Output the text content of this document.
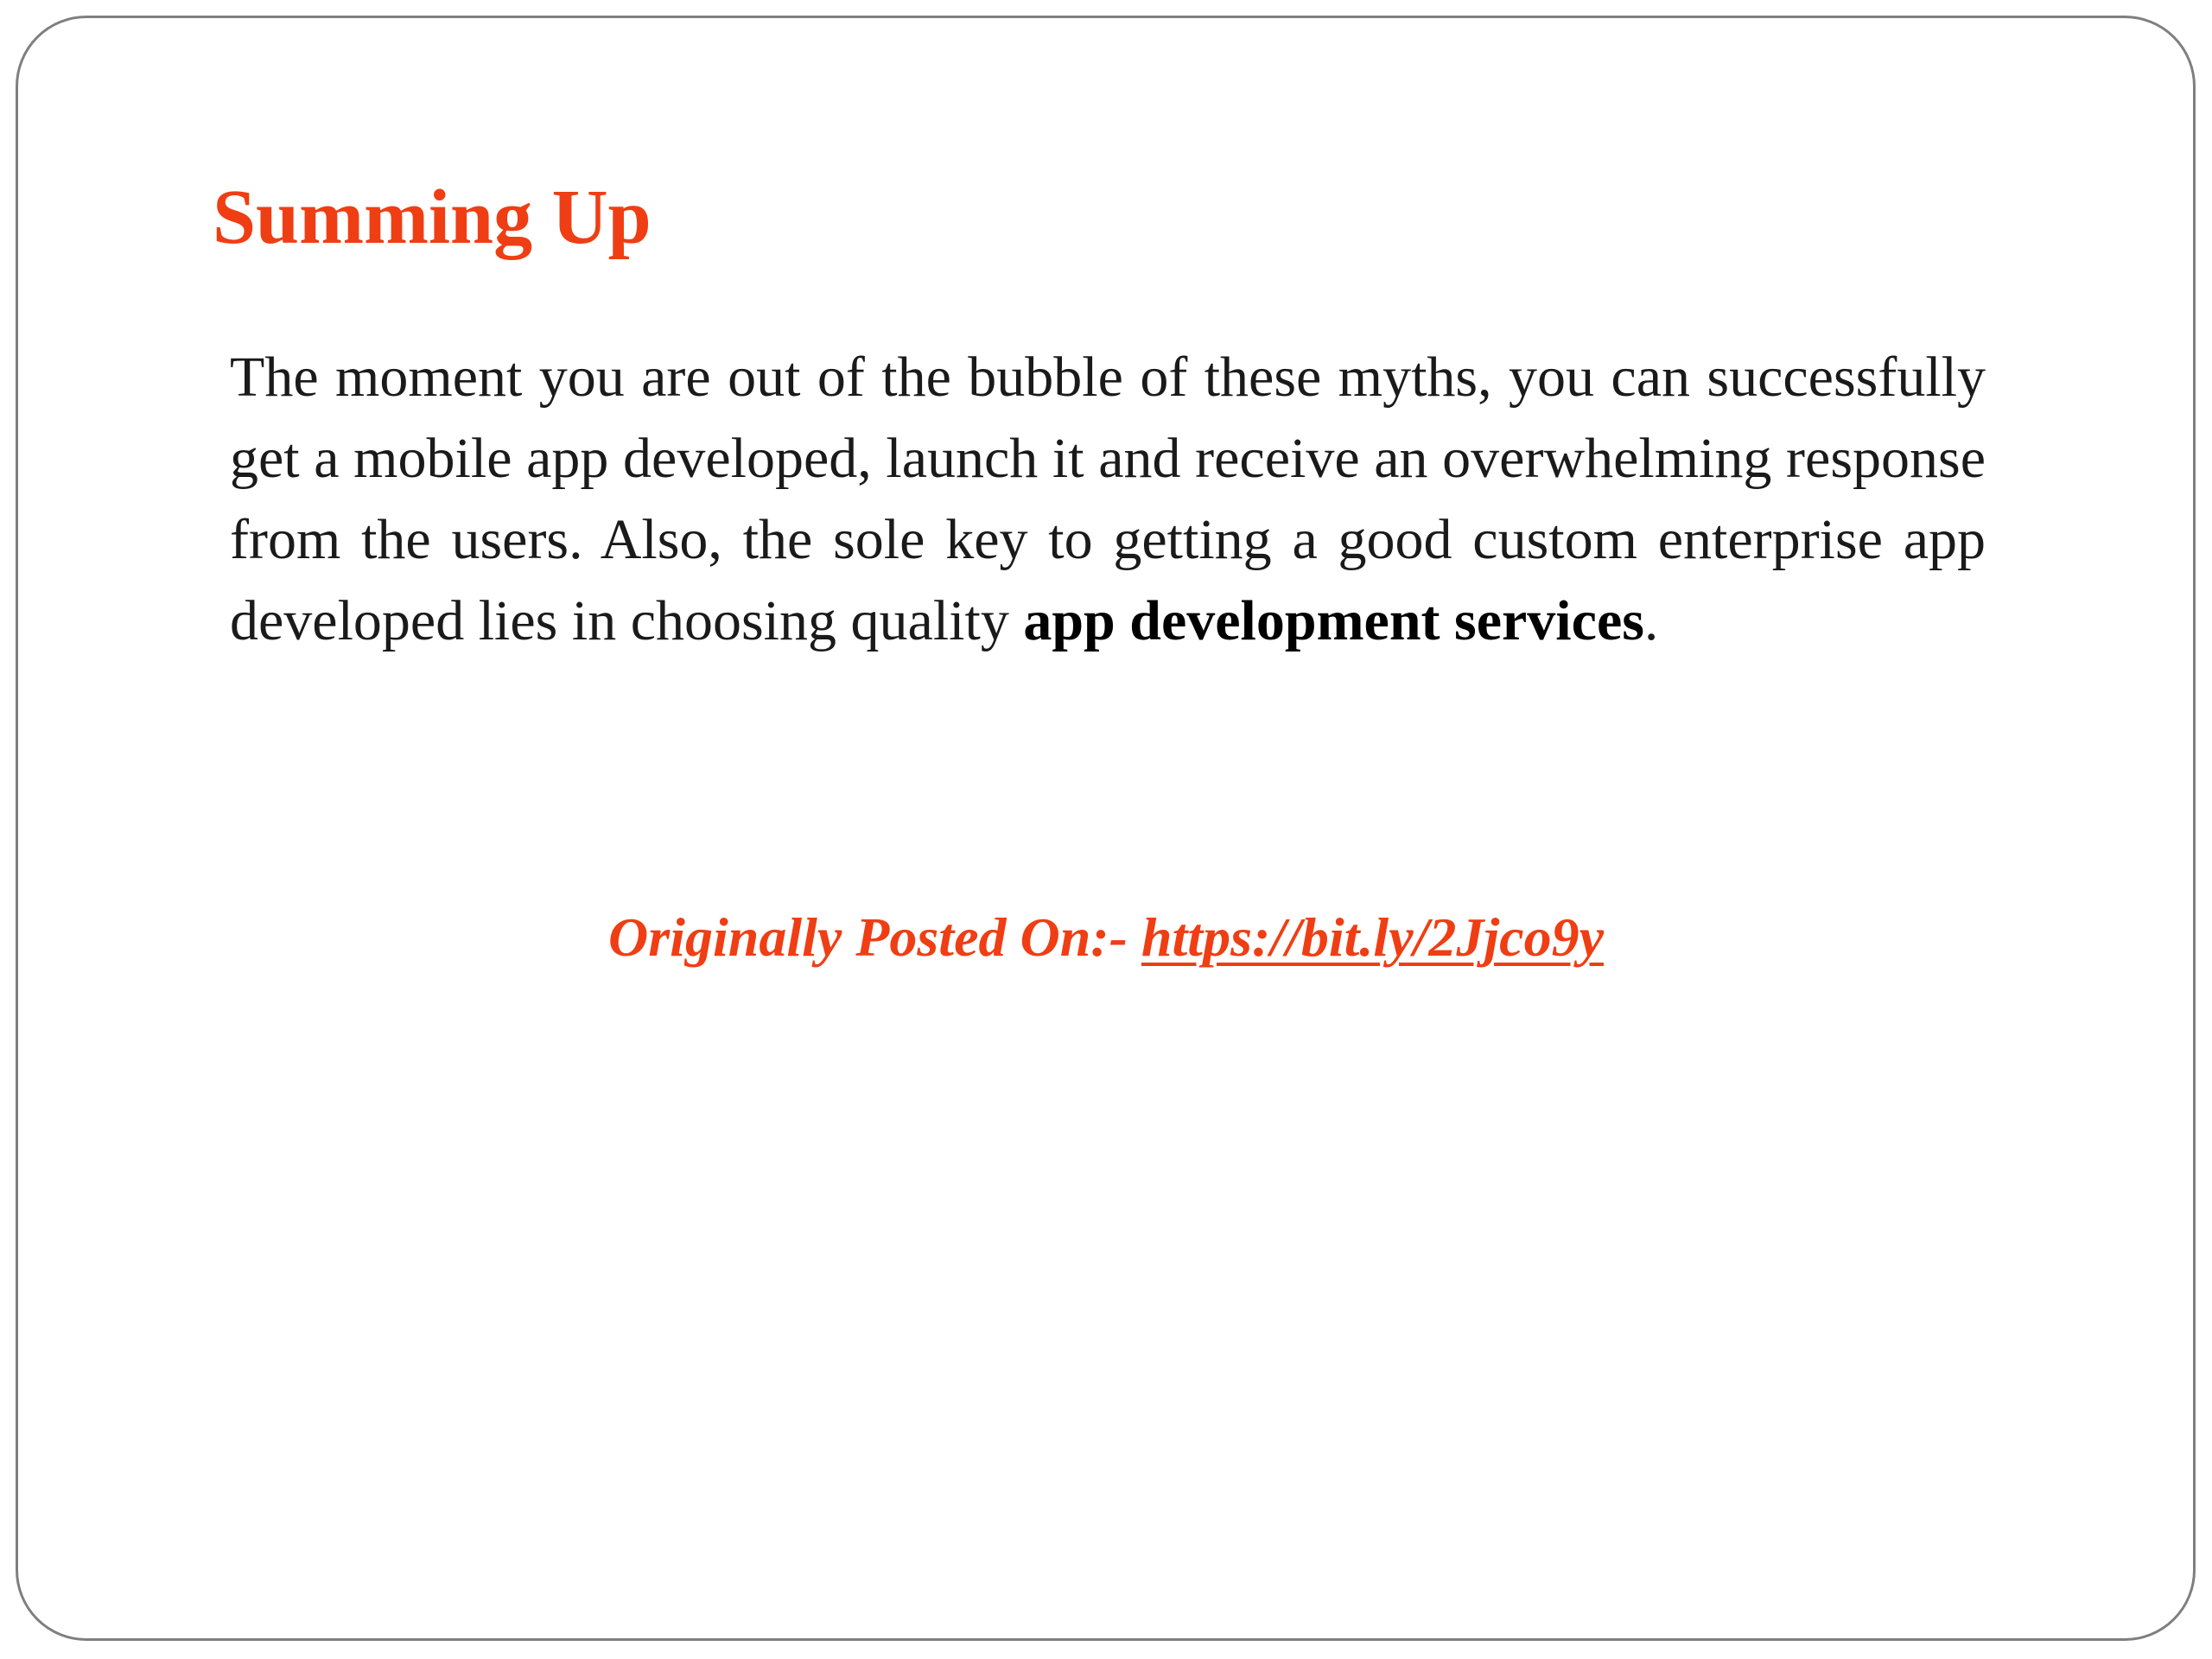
Summing Up

The moment you are out of the bubble of these myths, you can successfully get a mobile app developed, launch it and receive an overwhelming response from the users. Also, the sole key to getting a good custom enterprise app developed lies in choosing quality app development services.

Originally Posted On:- https://bit.ly/2Jjco9y
